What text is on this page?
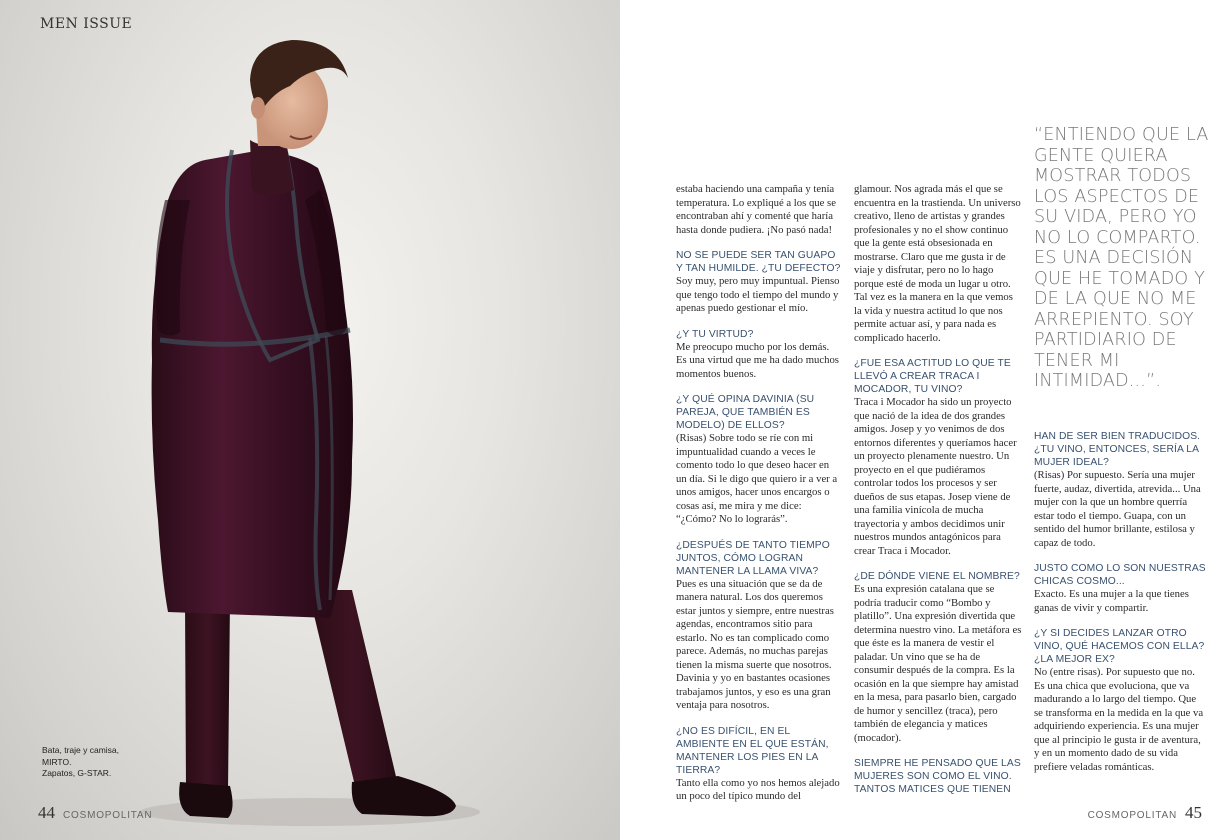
MEN ISSUE
Bata, traje y camisa,
MIRTO.
Zapatos, G-STAR.
44 COSMOPOLITAN

estaba haciendo una campaña y tenía temperatura. Lo expliqué a los que se encontraban ahí y comenté que haría hasta donde pudiera. ¡No pasó nada!

NO SE PUEDE SER TAN GUAPO Y TAN HUMILDE. ¿TU DEFECTO?

Soy muy, pero muy impuntual. Pienso que tengo todo el tiempo del mundo y apenas puedo gestionar el mío.

¿Y TU VIRTUD?

Me preocupo mucho por los demás. Es una virtud que me ha dado muchos momentos buenos.

¿Y QUÉ OPINA DAVINIA (SU PAREJA, QUE TAMBIÉN ES MODELO) DE ELLOS?

(Risas) Sobre todo se ríe con mi impuntualidad cuando a veces le comento todo lo que deseo hacer en un día. Si le digo que quiero ir a ver a unos amigos, hacer unos encargos o cosas así, me mira y me dice: “¿Cómo? No lo lograrás”.

¿DESPUÉS DE TANTO TIEMPO JUNTOS, CÓMO LOGRAN MANTENER LA LLAMA VIVA?

Pues es una situación que se da de manera natural. Los dos queremos estar juntos y siempre, entre nuestras agendas, encontramos sitio para estarlo. No es tan complicado como parece. Además, no muchas parejas tienen la misma suerte que nosotros. Davinia y yo en bastantes ocasiones trabajamos juntos, y eso es una gran ventaja para nosotros.

¿NO ES DIFÍCIL, EN EL AMBIENTE EN EL QUE ESTÁN, MANTENER LOS PIES EN LA TIERRA?

Tanto ella como yo nos hemos alejado un poco del típico mundo del

glamour. Nos agrada más el que se encuentra en la trastienda. Un universo creativo, lleno de artistas y grandes profesionales y no el show continuo que la gente está obsesionada en mostrarse. Claro que me gusta ir de viaje y disfrutar, pero no lo hago porque esté de moda un lugar u otro. Tal vez es la manera en la que vemos la vida y nuestra actitud lo que nos permite actuar así, y para nada es complicado hacerlo.

¿FUE ESA ACTITUD LO QUE TE LLEVÓ A CREAR TRACA I MOCADOR, TU VINO?

Traca i Mocador ha sido un proyecto que nació de la idea de dos grandes amigos. Josep y yo venimos de dos entornos diferentes y queríamos hacer un proyecto plenamente nuestro. Un proyecto en el que pudiéramos controlar todos los procesos y ser dueños de sus etapas. Josep viene de una familia vinícola de mucha trayectoria y ambos decidimos unir nuestros mundos antagónicos para crear Traca i Mocador.

¿DE DÓNDE VIENE EL NOMBRE?

Es una expresión catalana que se podría traducir como “Bombo y platillo”. Una expresión divertida que determina nuestro vino. La metáfora es que éste es la manera de vestir el paladar. Un vino que se ha de consumir después de la compra. Es la ocasión en la que siempre hay amistad en la mesa, para pasarlo bien, cargado de humor y sencillez (traca), pero también de elegancia y matices (mocador).

SIEMPRE HE PENSADO QUE LAS MUJERES SON COMO EL VINO. TANTOS MATICES QUE TIENEN
“ENTIENDO QUE LA GENTE QUIERA MOSTRAR TODOS LOS ASPECTOS DE SU VIDA, PERO YO NO LO COMPARTO. ES UNA DECISIÓN QUE HE TOMADO Y DE LA QUE NO ME ARREPIENTO. SOY PARTIDIARIO DE TENER MI INTIMIDAD...”.
HAN DE SER BIEN TRADUCIDOS. ¿TU VINO, ENTONCES, SERÍA LA MUJER IDEAL?

(Risas) Por supuesto. Sería una mujer fuerte, audaz, divertida, atrevida... Una mujer con la que un hombre querría estar todo el tiempo. Guapa, con un sentido del humor brillante, estilosa y capaz de todo.

JUSTO COMO LO SON NUESTRAS CHICAS COSMO...

Exacto. Es una mujer a la que tienes ganas de vivir y compartir.

¿Y SI DECIDES LANZAR OTRO VINO, QUÉ HACEMOS CON ELLA? ¿LA MEJOR EX?

No (entre risas). Por supuesto que no. Es una chica que evoluciona, que va madurando a lo largo del tiempo. Que se transforma en la medida en la que va adquiriendo experiencia. Es una mujer que al principio le gusta ir de aventura, y en un momento dado de su vida prefiere veladas románticas.

COSMOPOLITAN 45
